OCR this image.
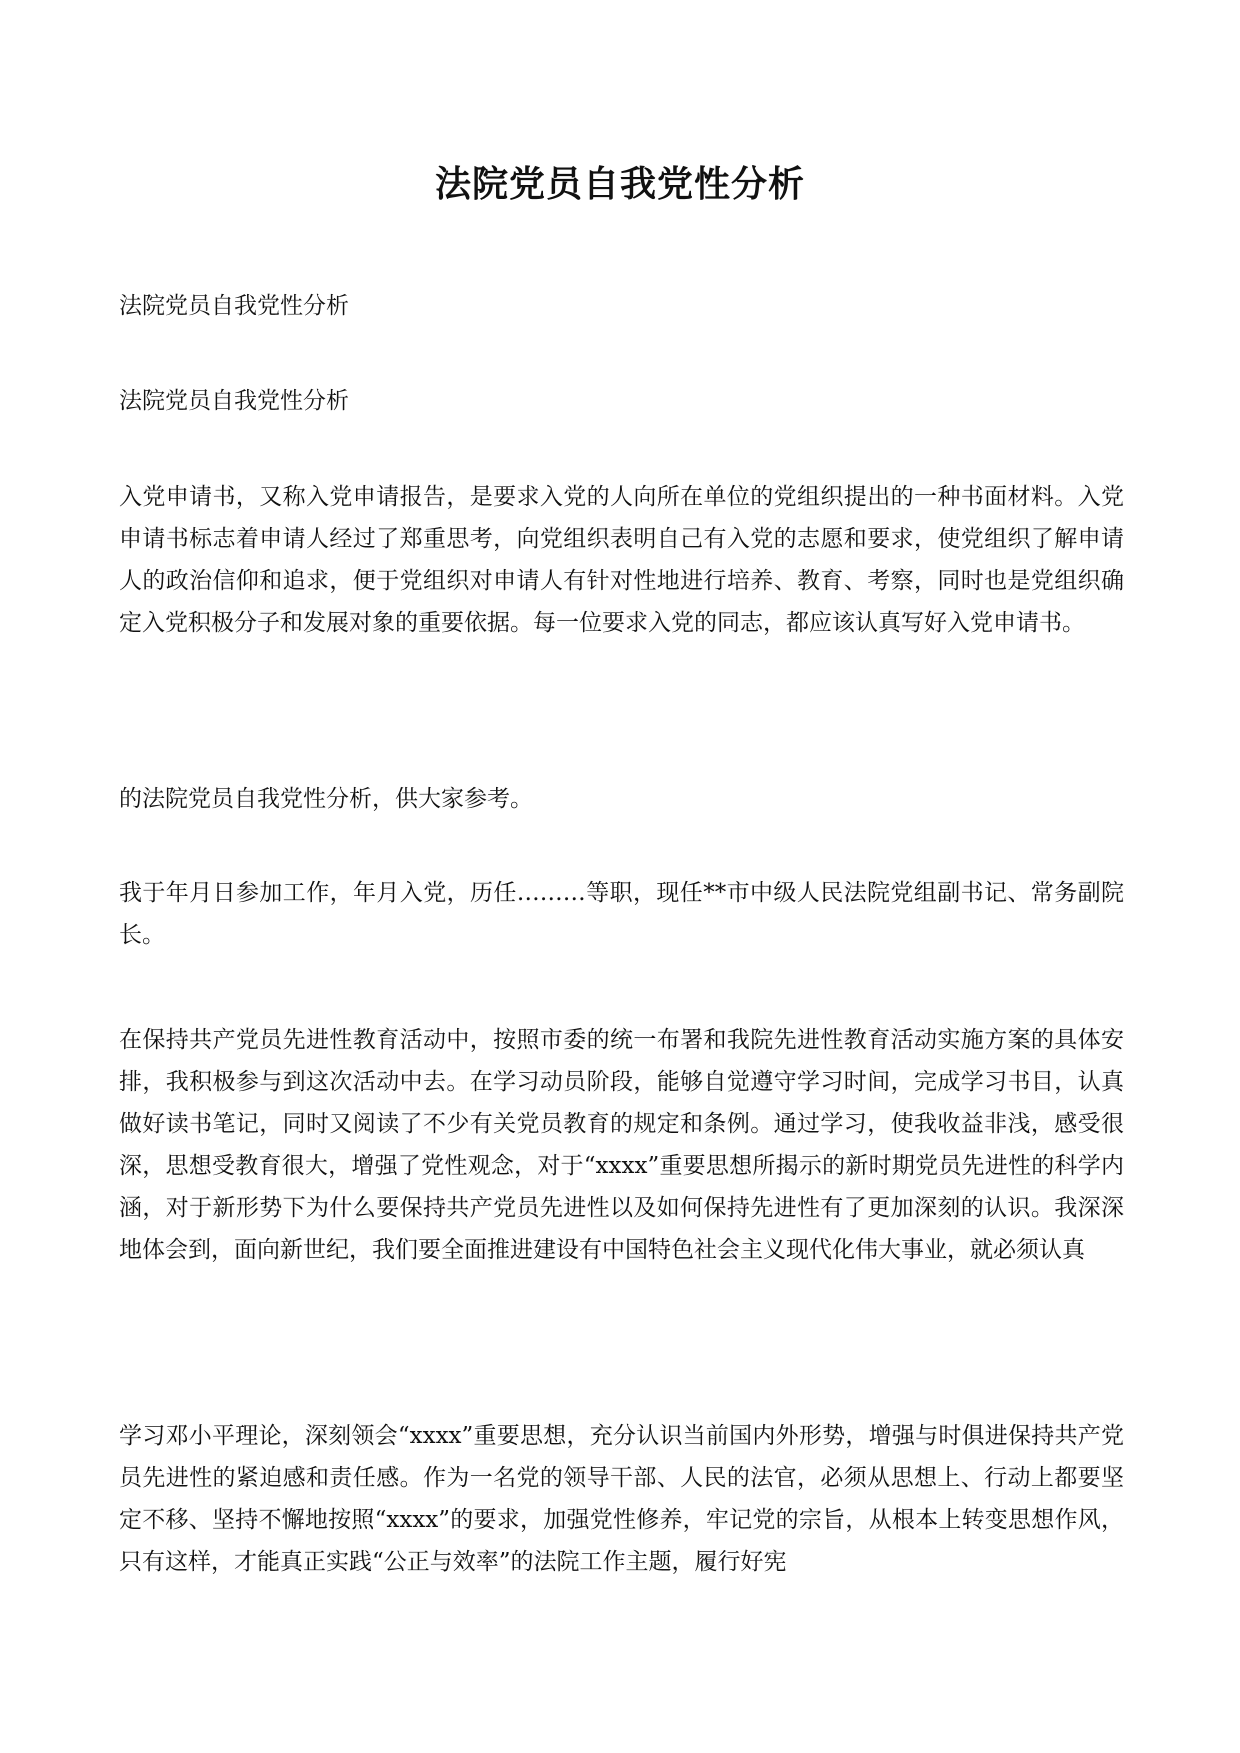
法院党员自我党性分析

法院党员自我党性分析

法院党员自我党性分析

入党申请书，又称入党申请报告，是要求入党的人向所在单位的党组织提出的一种书面材料。入党申请书标志着申请人经过了郑重思考，向党组织表明自己有入党的志愿和要求，使党组织了解申请人的政治信仰和追求，便于党组织对申请人有针对性地进行培养、教育、考察，同时也是党组织确定入党积极分子和发展对象的重要依据。每一位要求入党的同志，都应该认真写好入党申请书。

的法院党员自我党性分析，供大家参考。

我于年月日参加工作，年月入党，历任………等职，现任**市中级人民法院党组副书记、常务副院长。

在保持共产党员先进性教育活动中，按照市委的统一布署和我院先进性教育活动实施方案的具体安排，我积极参与到这次活动中去。在学习动员阶段，能够自觉遵守学习时间，完成学习书目，认真做好读书笔记，同时又阅读了不少有关党员教育的规定和条例。通过学习，使我收益非浅，感受很深，思想受教育很大，增强了党性观念，对于“xxxx”重要思想所揭示的新时期党员先进性的科学内涵，对于新形势下为什么要保持共产党员先进性以及如何保持先进性有了更加深刻的认识。我深深地体会到，面向新世纪，我们要全面推进建设有中国特色社会主义现代化伟大事业，就必须认真

学习邓小平理论，深刻领会“xxxx”重要思想，充分认识当前国内外形势，增强与时俱进保持共产党员先进性的紧迫感和责任感。作为一名党的领导干部、人民的法官，必须从思想上、行动上都要坚定不移、坚持不懈地按照“xxxx”的要求，加强党性修养，牢记党的宗旨，从根本上转变思想作风，只有这样，才能真正实践“公正与效率”的法院工作主题，履行好宪
